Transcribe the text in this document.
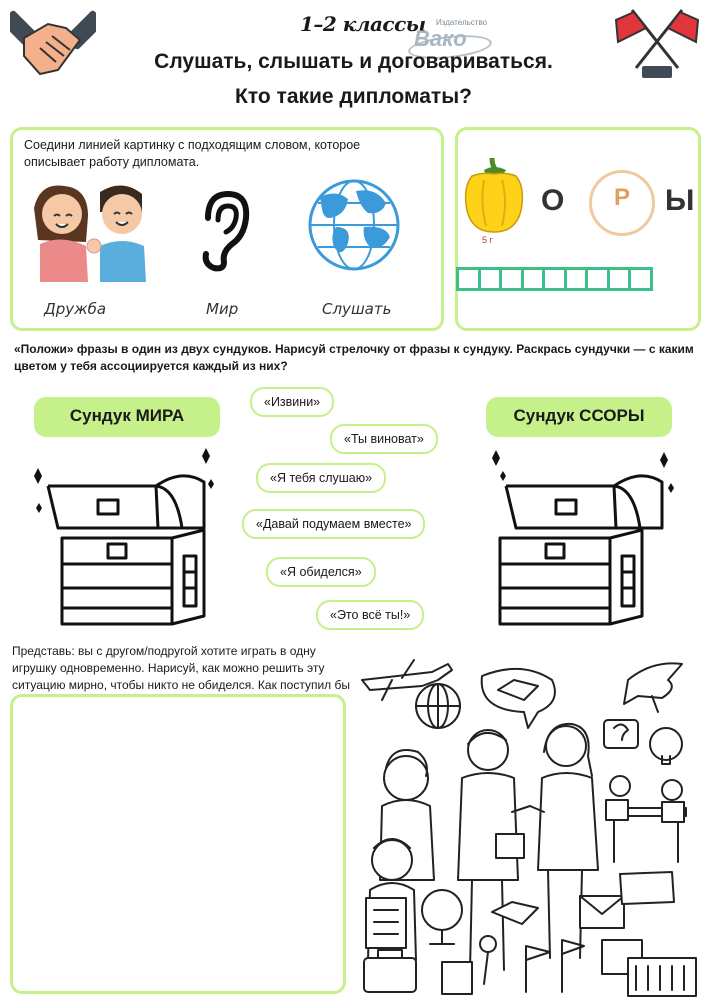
1–2 классы Издательство
Вако
Слушать, слышать и договариваться.
Кто такие дипломаты?
Соедини линией картинку с подходящим словом, которое описывает работу дипломата.
Дружба	Мир	Слушать
5 г
О	Р	Ы
«Положи» фразы в один из двух сундуков. Нарисуй стрелочку от фразы к сундуку. Раскрась сундучки — с каким цветом у тебя ассоциируется каждый из них?
Сундук МИРА	Сундук ССОРЫ
«Извини»
«Ты виноват»
«Я тебя слушаю»
«Давай подумаем вместе»
«Я обиделся»
«Это всё ты!»
Представь: вы с другом/подругой хотите играть в одну игрушку одновременно. Нарисуй, как можно решить эту ситуацию мирно, чтобы никто не обиделся. Как поступил бы
